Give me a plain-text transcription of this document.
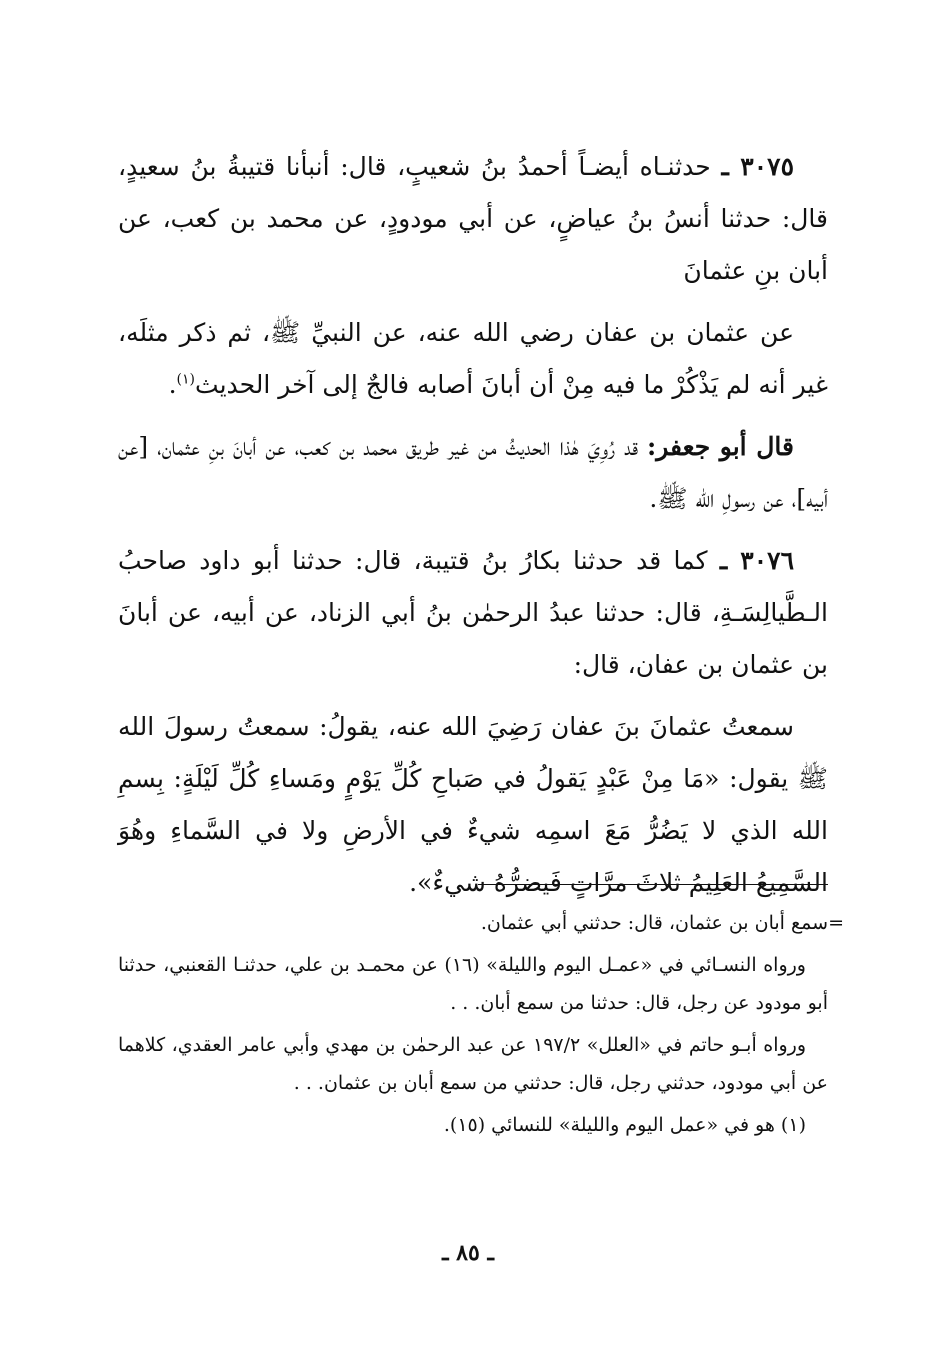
٣٠٧٥ ـ حدثنـاه أيضـاً أحمدُ بنُ شعيبٍ، قال: أنبأنا قتيبةُ بنُ سعيدٍ، قال: حدثنا أنسُ بنُ عياضٍ، عن أبي مودودٍ، عن محمد بن كعب، عن أبان بنِ عثمانَ

عن عثمان بن عفان رضي الله عنه، عن النبيِّ ﷺ، ثم ذكر مثلَه، غير أنه لم يَذْكُرْ ما فيه مِنْ أن أبانَ أصابه فالجٌ إلى آخر الحديث$^{(١)}$.

قال أبو جعفر: قد رُوِيَ هٰذا الحديثُ من غير طريق محمد بن كعب، عن أبانَ بنِ عثمان، [عن أبيه]، عن رسولِ الله ﷺ.

٣٠٧٦ ـ كما قد حدثنا بكارُ بنُ قتيبة، قال: حدثنا أبو داود صاحبُ الـطَّيالِسَـةِ، قال: حدثنا عبدُ الرحمٰن بنُ أبي الزناد، عن أبيه، عن أبانَ بن عثمان بن عفان، قال:

سمعتُ عثمانَ بنَ عفان رَضِيَ الله عنه، يقولُ: سمعتُ رسولَ الله ﷺ يقول: «مَا مِنْ عَبْدٍ يَقولُ في صَباحِ كُلِّ يَوْمٍ ومَساءِ كُلِّ لَيْلَةٍ: بِسمِ الله الذي لا يَضُرُّ مَعَ اسمِه شيءٌ في الأرضِ ولا في السَّماءِ وهُوَ السَّمِيعُ العَلِيمُ ثلاثَ مرَّاتٍ فَيضرُّهُ شيءٌ».

=
سمع أبان بن عثمان، قال: حدثني أبي عثمان.

ورواه النسـائي في «عمـل اليوم والليلة» (١٦) عن محمـد بن علي، حدثنـا القعنبي، حدثنا أبو مودود عن رجل، قال: حدثنا من سمع أبان. . .

ورواه أبـو حاتم في «العلل» ١٩٧/٢ عن عبد الرحمٰن بن مهدي وأبي عامر العقدي، كلاهما عن أبي مودود، حدثني رجل، قال: حدثني من سمع أبان بن عثمان. . .

(١) هو في «عمل اليوم والليلة» للنسائي (١٥).

ـ ٨٥ ـ
